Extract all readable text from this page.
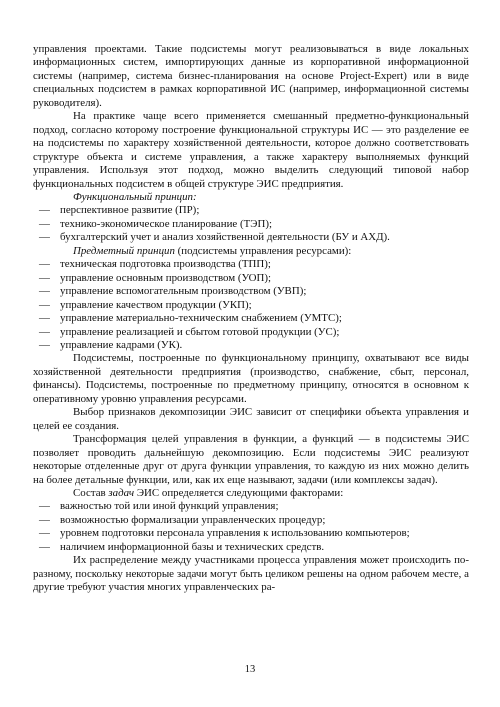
управления проектами. Такие подсистемы могут реализовываться в виде локальных информационных систем, импортирующих данные из корпоративной информационной системы (например, система бизнес-планирования на основе Project-Expert) или в виде специальных подсистем в рамках корпоративной ИС (например, информационной системы руководителя).

На практике чаще всего применяется смешанный предметно-функциональный подход, согласно которому построение функциональной структуры ИС — это разделение ее на подсистемы по характеру хозяйственной деятельности, которое должно соответствовать структуре объекта и системе управления, а также характеру выполняемых функций управления. Используя этот подход, можно выделить следующий типовой набор функциональных подсистем в общей структуре ЭИС предприятия.

Функциональный принцип:

— перспективное развитие (ПР);
— технико-экономическое планирование (ТЭП);
— бухгалтерский учет и анализ хозяйственной деятельности (БУ и АХД).

Предметный принцип (подсистемы управления ресурсами):

— техническая подготовка производства (ТПП);
— управление основным производством (УОП);
— управление вспомогательным производством (УВП);
— управление качеством продукции (УКП);
— управление материально-техническим снабжением (УМТС);
— управление реализацией и сбытом готовой продукции (УС);
— управление кадрами (УК).

Подсистемы, построенные по функциональному принципу, охватывают все виды хозяйственной деятельности предприятия (производство, снабжение, сбыт, персонал, финансы). Подсистемы, построенные по предметному принципу, относятся в основном к оперативному уровню управления ресурсами.

Выбор признаков декомпозиции ЭИС зависит от специфики объекта управления и целей ее создания.

Трансформация целей управления в функции, а функций — в подсистемы ЭИС позволяет проводить дальнейшую декомпозицию. Если подсистемы ЭИС реализуют некоторые отделенные друг от друга функции управления, то каждую из них можно делить на более детальные функции, или, как их еще называют, задачи (или комплексы задач).

Состав задач ЭИС определяется следующими факторами:

— важностью той или иной функций управления;
— возможностью формализации управленческих процедур;
— уровнем подготовки персонала управления к использованию компьютеров;
— наличием информационной базы и технических средств.

Их распределение между участниками процесса управления может происходить по-разному, поскольку некоторые задачи могут быть целиком решены на одном рабочем месте, а другие требуют участия многих управленческих ра-

13
